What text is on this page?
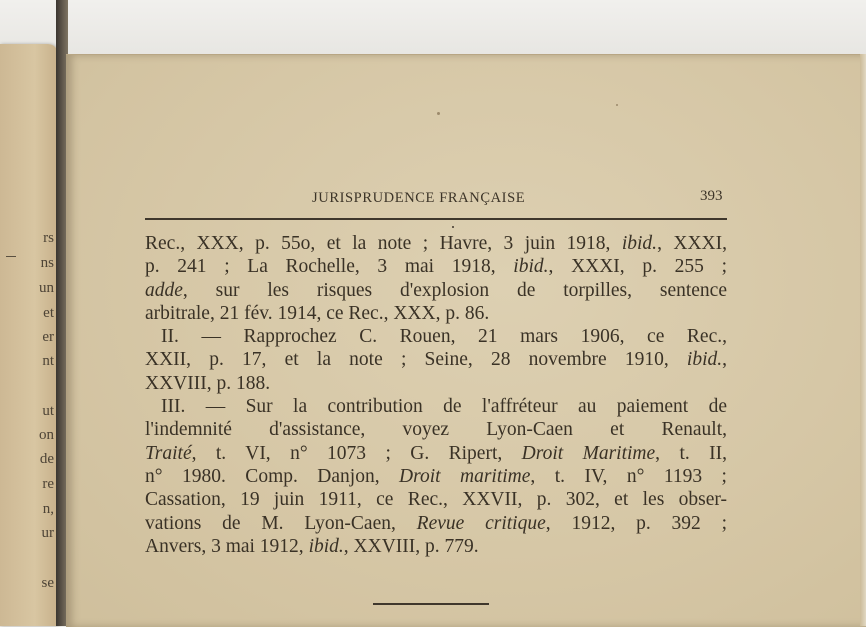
rs
ns
un
et
er
nt
ut
on
de
re
n,
ur
se
JURISPRUDENCE FRANÇAISE	393
Rec., XXX, p. 55o, et la note ; Havre, 3 juin 1918, ibid., XXXI,
p. 241 ; La Rochelle, 3 mai 1918, ibid., XXXI, p. 255 ;
adde, sur les risques d'explosion de torpilles, sentence
arbitrale, 21 fév. 1914, ce Rec., XXX, p. 86.
II. — Rapprochez C. Rouen, 21 mars 1906, ce Rec.,
XXII, p. 17, et la note ; Seine, 28 novembre 1910, ibid.,
XXVIII, p. 188.
III. — Sur la contribution de l'affréteur au paiement de
l'indemnité d'assistance, voyez Lyon-Caen et Renault,
Traité, t. VI, n° 1073 ; G. Ripert, Droit Maritime, t. II,
n° 1980. Comp. Danjon, Droit maritime, t. IV, n° 1193 ;
Cassation, 19 juin 1911, ce Rec., XXVII, p. 302, et les obser-
vations de M. Lyon-Caen, Revue critique, 1912, p. 392 ;
Anvers, 3 mai 1912, ibid., XXVIII, p. 779.
